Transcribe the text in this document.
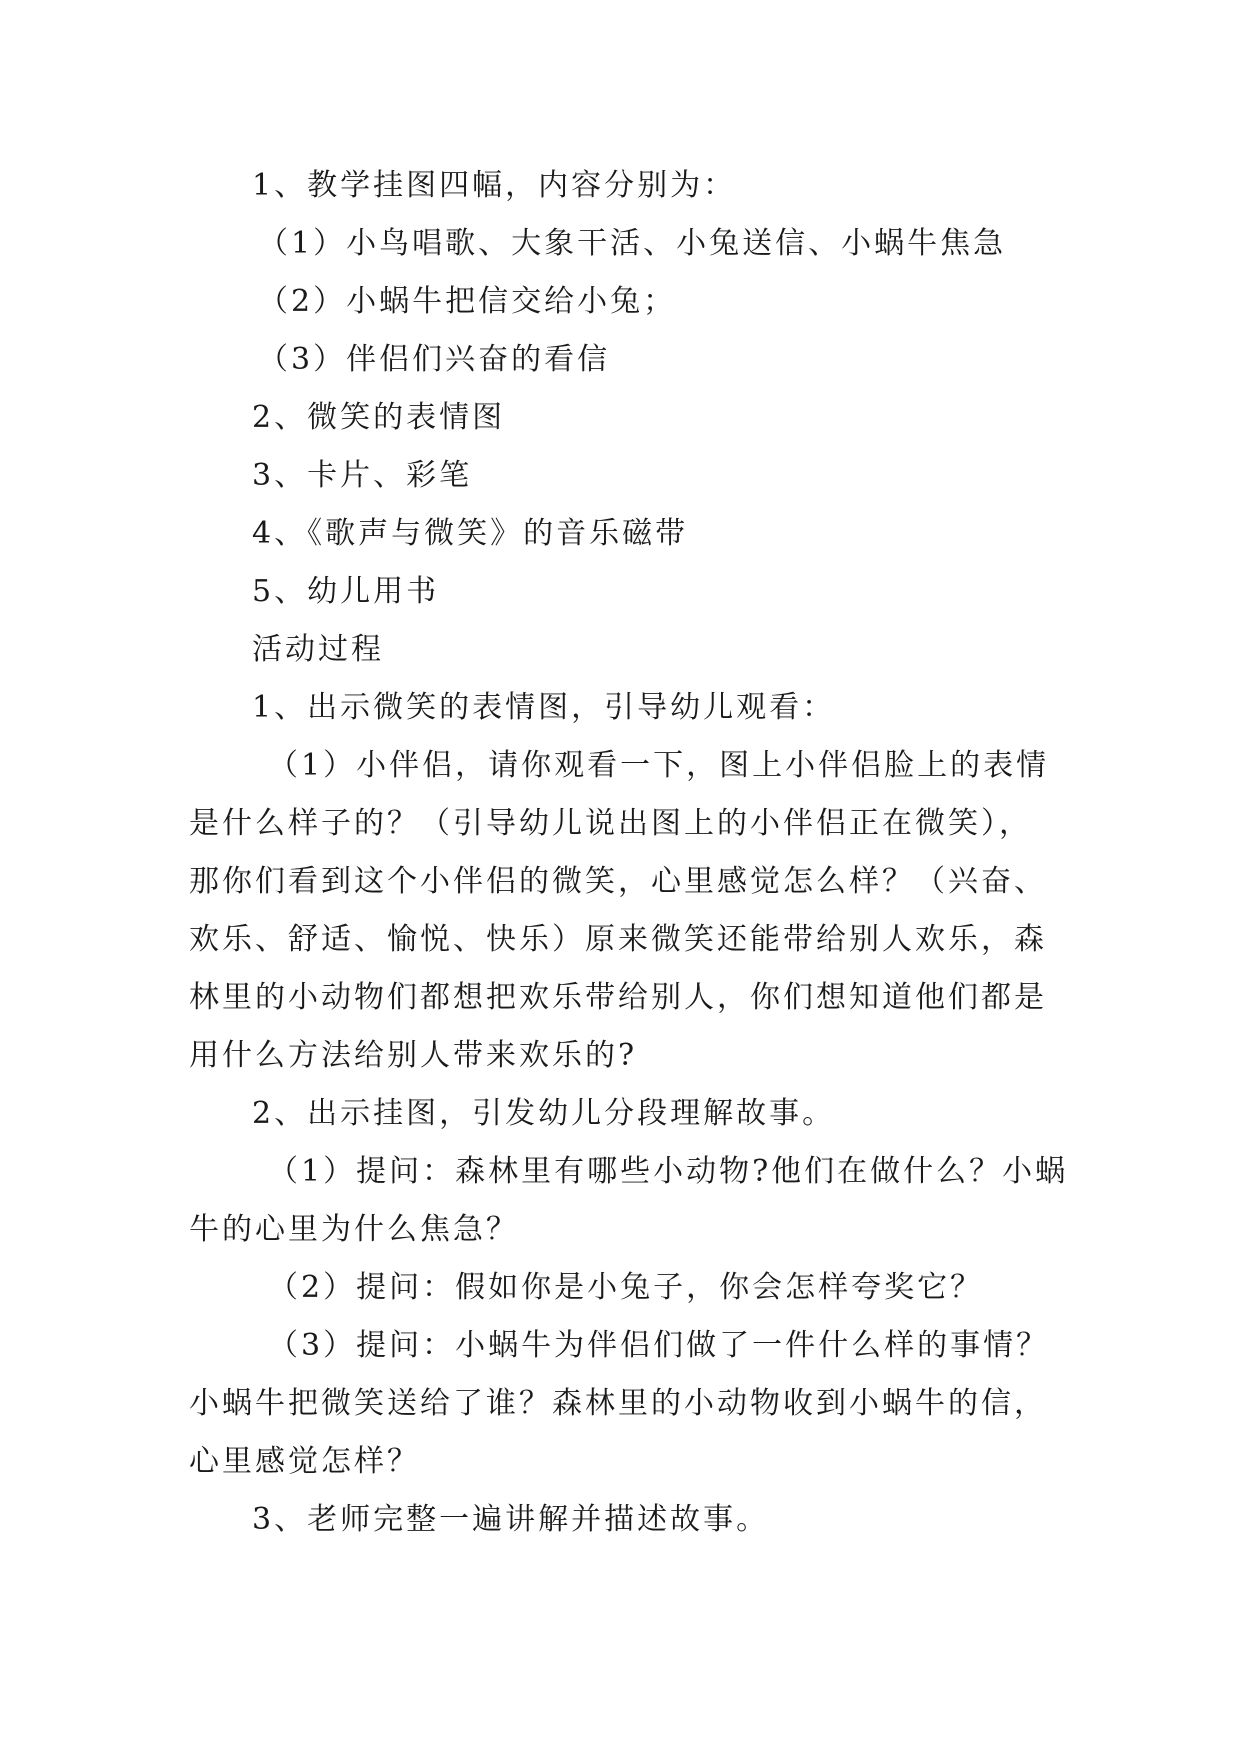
1、教学挂图四幅，内容分别为：
（1）小鸟唱歌、大象干活、小兔送信、小蜗牛焦急
（2）小蜗牛把信交给小兔；
（3）伴侣们兴奋的看信
2、微笑的表情图
3、卡片、彩笔
4、《歌声与微笑》的音乐磁带
5、幼儿用书
活动过程
1、出示微笑的表情图，引导幼儿观看：
（1）小伴侣，请你观看一下，图上小伴侣脸上的表情
是什么样子的？（引导幼儿说出图上的小伴侣正在微笑），
那你们看到这个小伴侣的微笑，心里感觉怎么样？（兴奋、
欢乐、舒适、愉悦、快乐）原来微笑还能带给别人欢乐，森
林里的小动物们都想把欢乐带给别人，你们想知道他们都是
用什么方法给别人带来欢乐的?
2、出示挂图，引发幼儿分段理解故事。
（1）提问：森林里有哪些小动物?他们在做什么？小蜗
牛的心里为什么焦急？
（2）提问：假如你是小兔子，你会怎样夸奖它？
（3）提问：小蜗牛为伴侣们做了一件什么样的事情？
小蜗牛把微笑送给了谁？森林里的小动物收到小蜗牛的信，
心里感觉怎样？
3、老师完整一遍讲解并描述故事。
